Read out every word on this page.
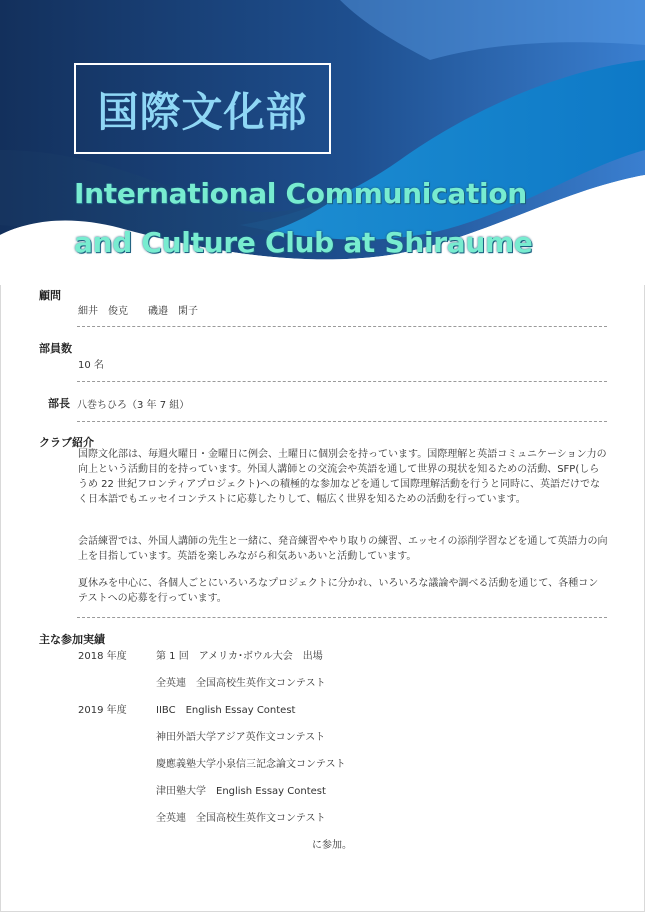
国際文化部
International Communication
and Culture Club at Shiraume
顧問
細井　俊克　　磯邉　閑子
部員数
10 名
部長 八巻ちひろ（3 年 7 組）
クラブ紹介

国際文化部は、毎週火曜日・金曜日に例会、土曜日に個別会を持っています。国際理解と英語コミュニケーション力の向上という活動目的を持っています。外国人講師との交流会や英語を通して世界の現状を知るための活動、SFP(しらうめ 22 世紀フロンティアプロジェクト)への積極的な参加などを通して国際理解活動を行うと同時に、英語だけでなく日本語でもエッセイコンテストに応募したりして、幅広く世界を知るための活動を行っています。

会話練習では、外国人講師の先生と一緒に、発音練習ややり取りの練習、エッセイの添削学習などを通して英語力の向上を目指しています。英語を楽しみながら和気あいあいと活動しています。

夏休みを中心に、各個人ごとにいろいろなプロジェクトに分かれ、いろいろな議論や調べる活動を通じて、各種コンテストへの応募を行っています。

主な参加実績
2018 年度	第 1 回　アメリカ･ボウル大会　出場
全英連　全国高校生英作文コンテスト
2019 年度	IIBC　English Essay Contest
神田外語大学アジア英作文コンテスト
慶應義塾大学小泉信三記念論文コンテスト
津田塾大学　English Essay Contest
全英連　全国高校生英作文コンテスト
に参加。
